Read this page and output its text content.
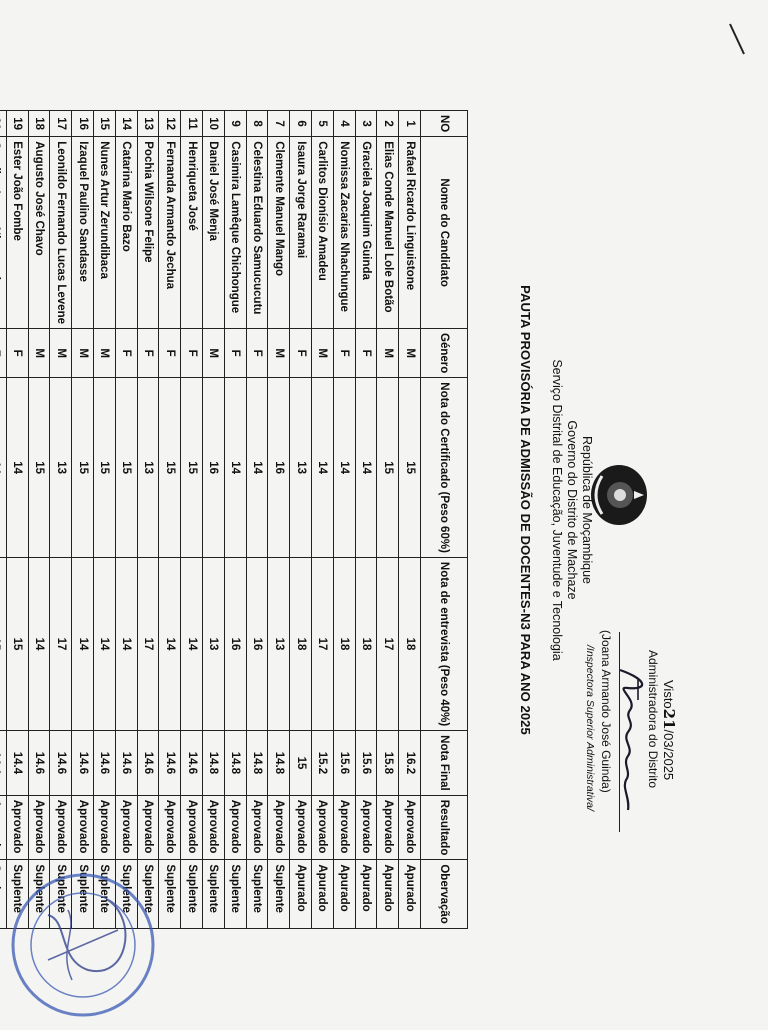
República de Moçambique
Governo do Distrito de Machaze
Serviço Distrital de Educação, Juventude e Tecnologia
PAUTA PROVISÓRIA DE ADMISSÃO DE DOCENTES-N3 PARA ANO 2025	Visto21/03/2025
Administradora do Distrito
(Joana Armando José Guinda)
/Inspectora Superior Administrativa/
NO	Nome do Candidato	Género	Nota do Certificado (Peso 60%)	Nota de entrevista (Peso 40%)	Nota Final	Resultado	Obervação
1	Rafael Ricardo Linguistone	M	15	18	16.2	Aprovado	Apurado
2	Elias Conde Manuel Lole Botão	M	15	17	15.8	Aprovado	Apurado
3	Graciela Joaquim Guinda	F	14	18	15.6	Aprovado	Apurado
4	Nomissa Zacarias Nhachungue	F	14	18	15.6	Aprovado	Apurado
5	Carlitos Dionísio Amadeu	M	14	17	15.2	Aprovado	Apurado
6	Isaura Jorge Raramai	F	13	18	15	Aprovado	Apurado
7	Clemente Manuel Mango	M	16	13	14.8	Aprovado	Suplente
8	Celestina Eduardo Samucucutu	F	14	16	14.8	Aprovado	Suplente
9	Casimira Lamêque Chichongue	F	14	16	14.8	Aprovado	Suplente
10	Daniel José Menja	M	16	13	14.8	Aprovado	Suplente
11	Henriqueta José	F	15	14	14.6	Aprovado	Suplente
12	Fernanda Armando Jechua	F	15	14	14.6	Aprovado	Suplente
13	Pochia Wilsone Felipe	F	13	17	14.6	Aprovado	Suplente
14	Catarina Mario Bazo	F	15	14	14.6	Aprovado	Suplente
15	Nunes Artur Zerundibaca	M	15	14	14.6	Aprovado	Suplente
16	Izaquel Paulino Sandasse	M	15	14	14.6	Aprovado	Suplente
17	Leonildo Fernando Lucas Levene	M	13	17	14.6	Aprovado	Suplente
18	Augusto José Chavo	M	15	14	14.6	Aprovado	Suplente
19	Ester João Fombe	F	14	15	14.4	Aprovado	Suplente
